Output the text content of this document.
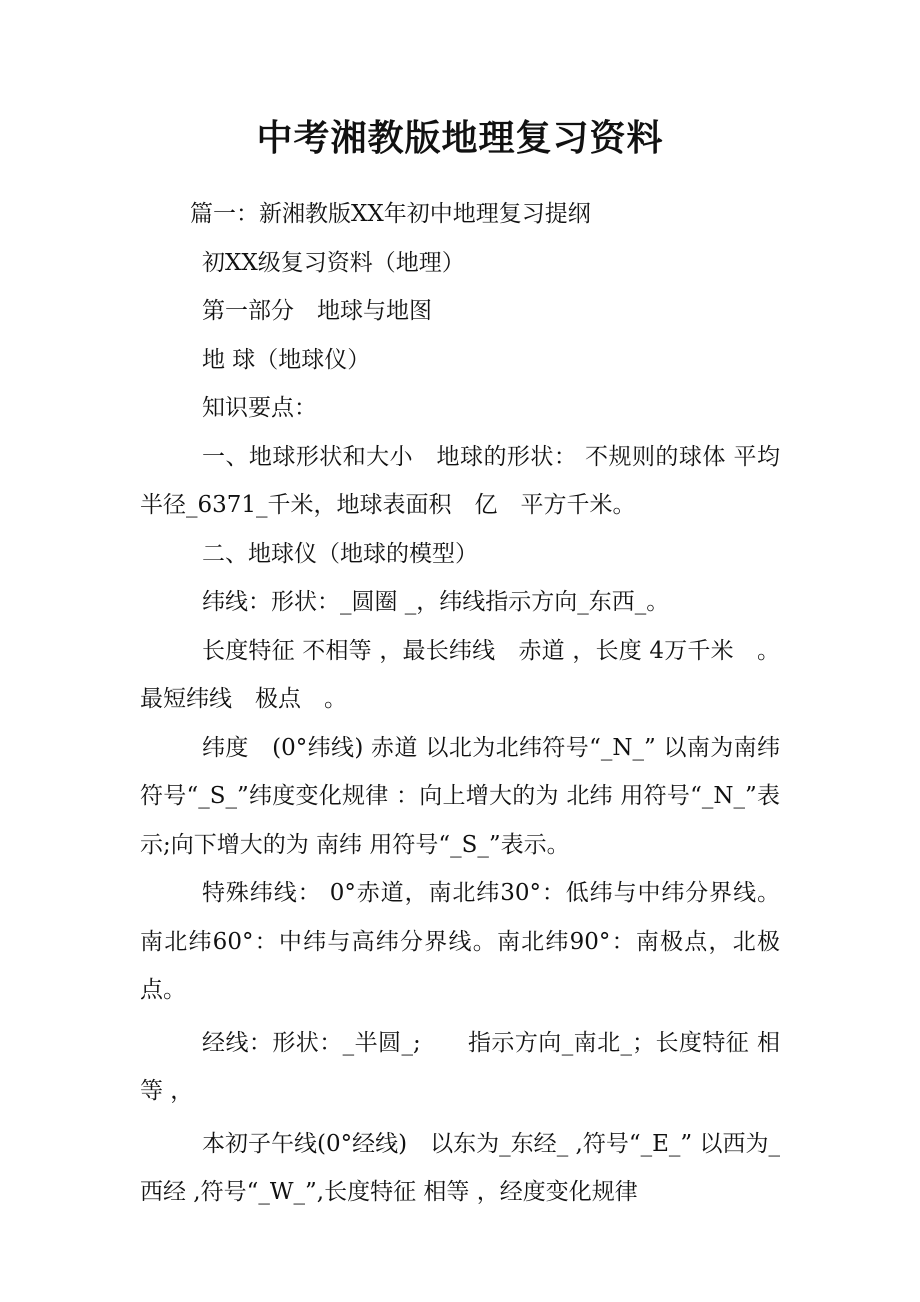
中考湘教版地理复习资料

篇一：新湘教版XX年初中地理复习提纲

初XX级复习资料（地理）

第一部分　地球与地图

地 球（地球仪）

知识要点：

一、地球形状和大小　地球的形状： 不规则的球体 平均半径_6371_千米，地球表面积　亿　平方千米。

二、地球仪（地球的模型）

纬线：形状：_圆圈 _，纬线指示方向_东西_。

长度特征 不相等 ，最长纬线　赤道 ，长度 4万千米　。最短纬线　极点　。

纬度　(0°纬线) 赤道 以北为北纬符号“_N_” 以南为南纬符号“_S_”纬度变化规律 ：向上增大的为 北纬 用符号“_N_”表示;向下增大的为 南纬 用符号“_S_”表示。

特殊纬线： 0°赤道，南北纬30°：低纬与中纬分界线。南北纬60°：中纬与高纬分界线。南北纬90°：南极点，北极点。

经线：形状：_半圆_;　　指示方向_南北_；长度特征 相等 ，

本初子午线(0°经线)　以东为_东经_ ,符号“_E_” 以西为_西经 ,符号“_W_”,长度特征 相等 ，经度变化规律
